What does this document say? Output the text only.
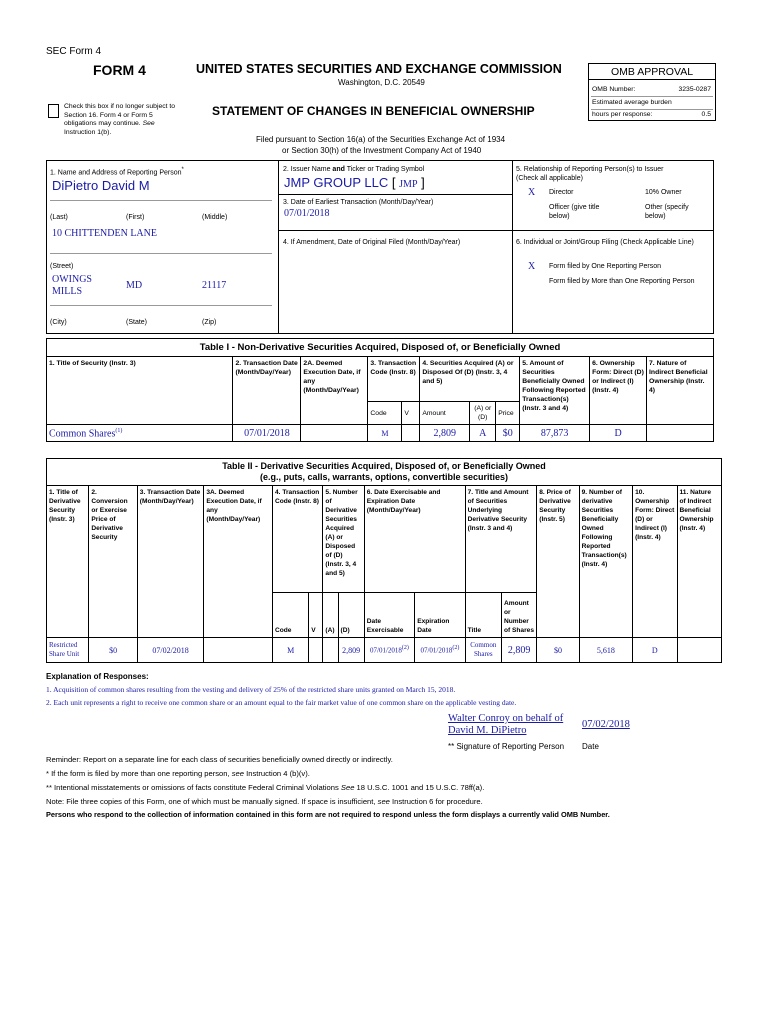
SEC Form 4
FORM 4	UNITED STATES SECURITIES AND EXCHANGE COMMISSION
Washington, D.C. 20549
Check this box if no longer subject to Section 16. Form 4 or Form 5 obligations may continue. See Instruction 1(b).
STATEMENT OF CHANGES IN BENEFICIAL OWNERSHIP
Filed pursuant to Section 16(a) of the Securities Exchange Act of 1934
or Section 30(h) of the Investment Company Act of 1940
OMB APPROVAL
OMB Number:	3235-0287
Estimated average burden
hours per response:	0.5
1. Name and Address of Reporting Person*
DiPietro David M
(Last)	(First)	(Middle)
10 CHITTENDEN LANE
(Street)
OWINGS MILLS
MD	21117
(City)	(State)	(Zip)
2. Issuer Name and Ticker or Trading Symbol
JMP GROUP LLC [ JMP ]
3. Date of Earliest Transaction (Month/Day/Year)
07/01/2018
4. If Amendment, Date of Original Filed (Month/Day/Year)
5. Relationship of Reporting Person(s) to Issuer
(Check all applicable)
X Director	10% Owner
Officer (give title below)
Other (specify below)
6. Individual or Joint/Group Filing (Check Applicable Line)
X Form filed by One Reporting Person
Form filed by More than One Reporting Person
Table I - Non-Derivative Securities Acquired, Disposed of, or Beneficially Owned
1. Title of Security (Instr. 3)	2. Transaction Date (Month/Day/Year)	2A. Deemed Execution Date, if any (Month/Day/Year)	3. Transaction Code (Instr. 8)		4. Securities Acquired (A) or Disposed Of (D) (Instr. 3, 4 and 5)			5. Amount of Securities Beneficially Owned Following Reported Transaction(s) (Instr. 3 and 4)	6. Ownership Form: Direct (D) or Indirect (I) (Instr. 4)	7. Nature of Indirect Beneficial Ownership (Instr. 4)
			Code	V	Amount	(A) or (D)	Price			
Common Shares$^{(1)}$	07/01/2018		M		2,809	A	$0	87,873	D	
Table II - Derivative Securities Acquired, Disposed of, or Beneficially Owned
(e.g., puts, calls, warrants, options, convertible securities)
1. Title of Derivative Security (Instr. 3)	2. Conversion or Exercise Price of Derivative Security	3. Transaction Date (Month/Day/Year)	3A. Deemed Execution Date, if any (Month/Day/Year)	4. Transaction Code (Instr. 8)		5. Number of Derivative Securities Acquired (A) or Disposed of (D) (Instr. 3, 4 and 5)		6. Date Exercisable and Expiration Date (Month/Day/Year)		7. Title and Amount of Securities Underlying Derivative Security (Instr. 3 and 4)		8. Price of Derivative Security (Instr. 5)	9. Number of derivative Securities Beneficially Owned Following Reported Transaction(s) (Instr. 4)	10. Ownership Form: Direct (D) or Indirect (I) (Instr. 4)	11. Nature of Indirect Beneficial Ownership (Instr. 4)
				Code	V	(A)	(D)	Date Exercisable	Expiration Date	Title	Amount or Number of Shares				
Restricted Share Unit	$0	07/02/2018		M			2,809	07/01/2018$^{(2)}$	07/01/2018$^{(2)}$	Common Shares	2,809	$0	5,618	D	
Explanation of Responses:
1. Acquisition of common shares resulting from the vesting and delivery of 25% of the restricted share units granted on March 15, 2018.
2. Each unit represents a right to receive one common share or an amount equal to the fair market value of one common share on the applicable vesting date.
Walter Conroy on behalf of David M. DiPietro
07/02/2018
** Signature of Reporting Person Date
Reminder: Report on a separate line for each class of securities beneficially owned directly or indirectly.
* If the form is filed by more than one reporting person, see Instruction 4 (b)(v).
** Intentional misstatements or omissions of facts constitute Federal Criminal Violations See 18 U.S.C. 1001 and 15 U.S.C. 78ff(a).
Note: File three copies of this Form, one of which must be manually signed. If space is insufficient, see Instruction 6 for procedure.
Persons who respond to the collection of information contained in this form are not required to respond unless the form displays a currently valid OMB Number.
